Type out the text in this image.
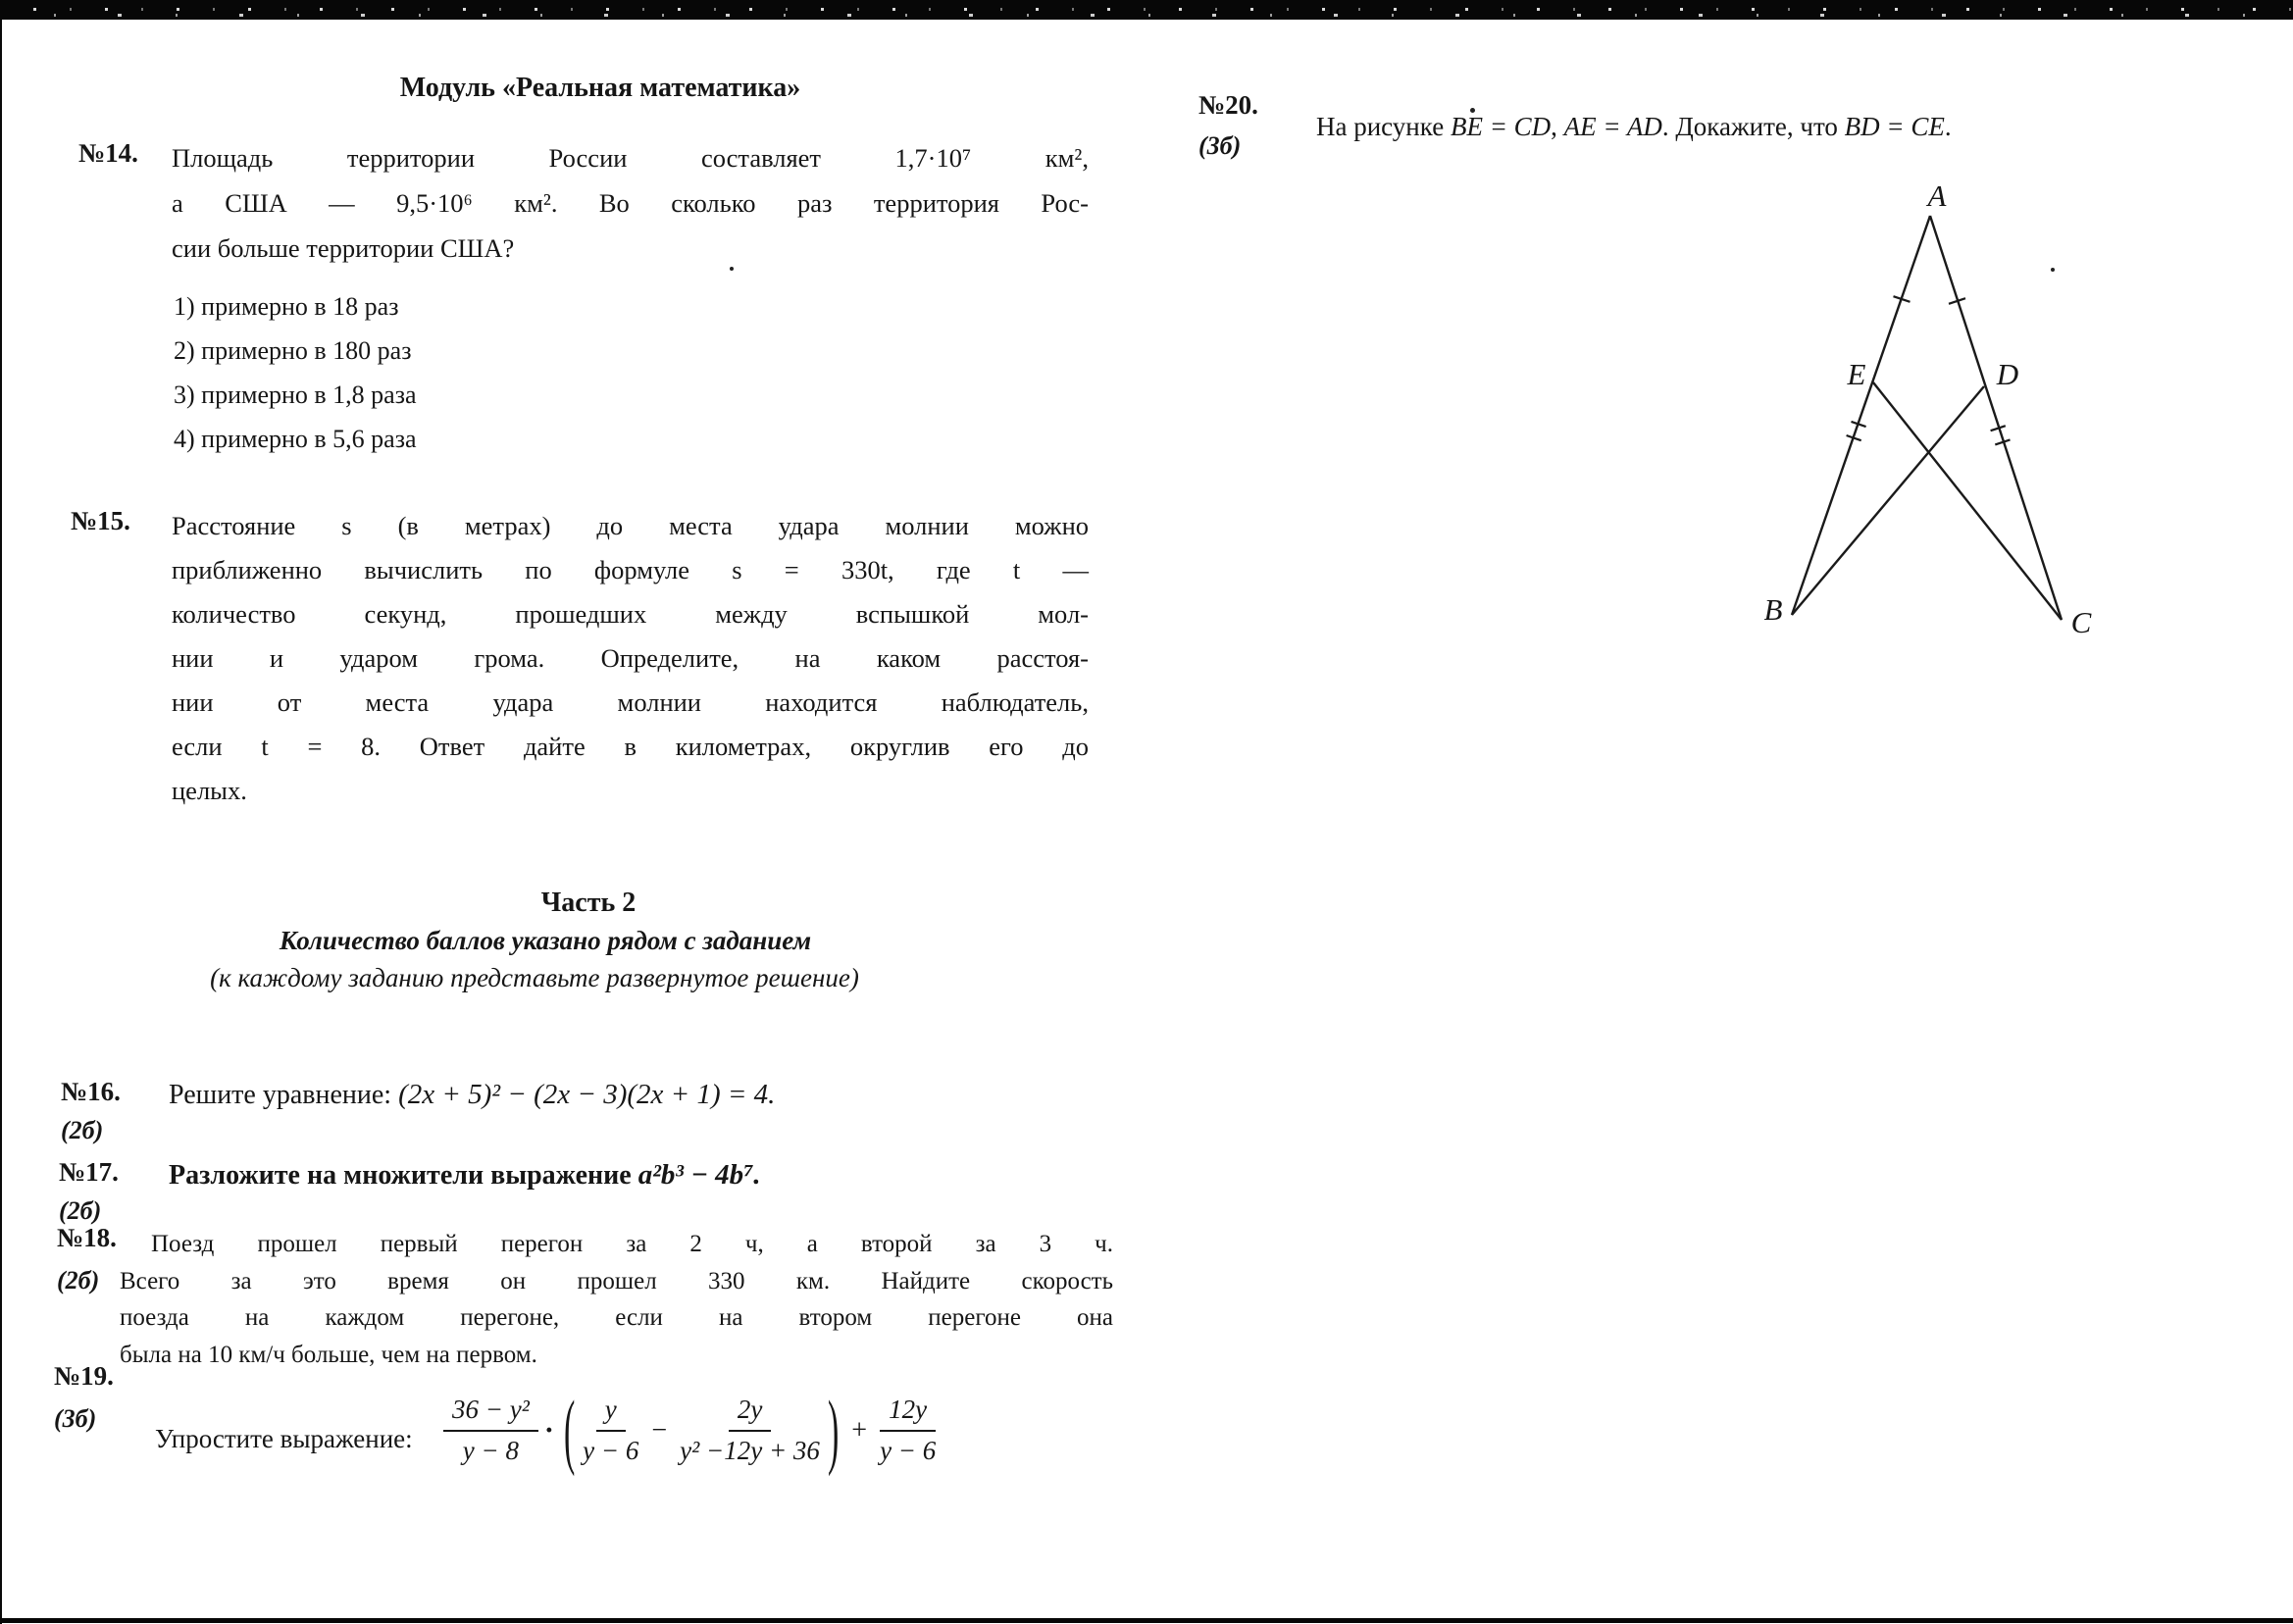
Модуль «Реальная математика»
№14. Площадь территории России составляет 1,7·10⁷ км²,
а США — 9,5·10⁶ км². Во сколько раз территория Рос-
сии больше территории США?
1) примерно в 18 раз
2) примерно в 180 раз
3) примерно в 1,8 раза
4) примерно в 5,6 раза
№15. Расстояние s (в метрах) до места удара молнии можно
приближенно вычислить по формуле s = 330t, где t —
количество секунд, прошедших между вспышкой мол-
нии и ударом грома. Определите, на каком расстоя-
нии от места удара молнии находится наблюдатель,
если t = 8. Ответ дайте в километрах, округлив его до
целых.
Часть 2
Количество баллов указано рядом с заданием
(к каждому заданию представьте развернутое решение)
№16.
(2б)
Решите уравнение: (2x + 5)² − (2x − 3)(2x + 1) = 4.
№17.
(2б)
Разложите на множители выражение a²b³ − 4b⁷.
№18.
(2б)
Поезд прошел первый перегон за 2 ч, а второй за 3 ч.
Всего за это время он прошел 330 км. Найдите скорость
поезда на каждом перегоне, если на втором перегоне она
была на 10 км/ч больше, чем на первом.
№19.
(3б)
Упростите выражение: $\frac{\text{36 − y²}}{y - 8}$ · ( $\frac{y}{y - 6} - \frac{2y}{\text{y² −12y + 36}}$ ) + $\frac{12y}{y - 6}$
№20.
(3б)
На рисунке BE = CD, AE = AD. Докажите, что BD = CE.
A
E	D
B	C
